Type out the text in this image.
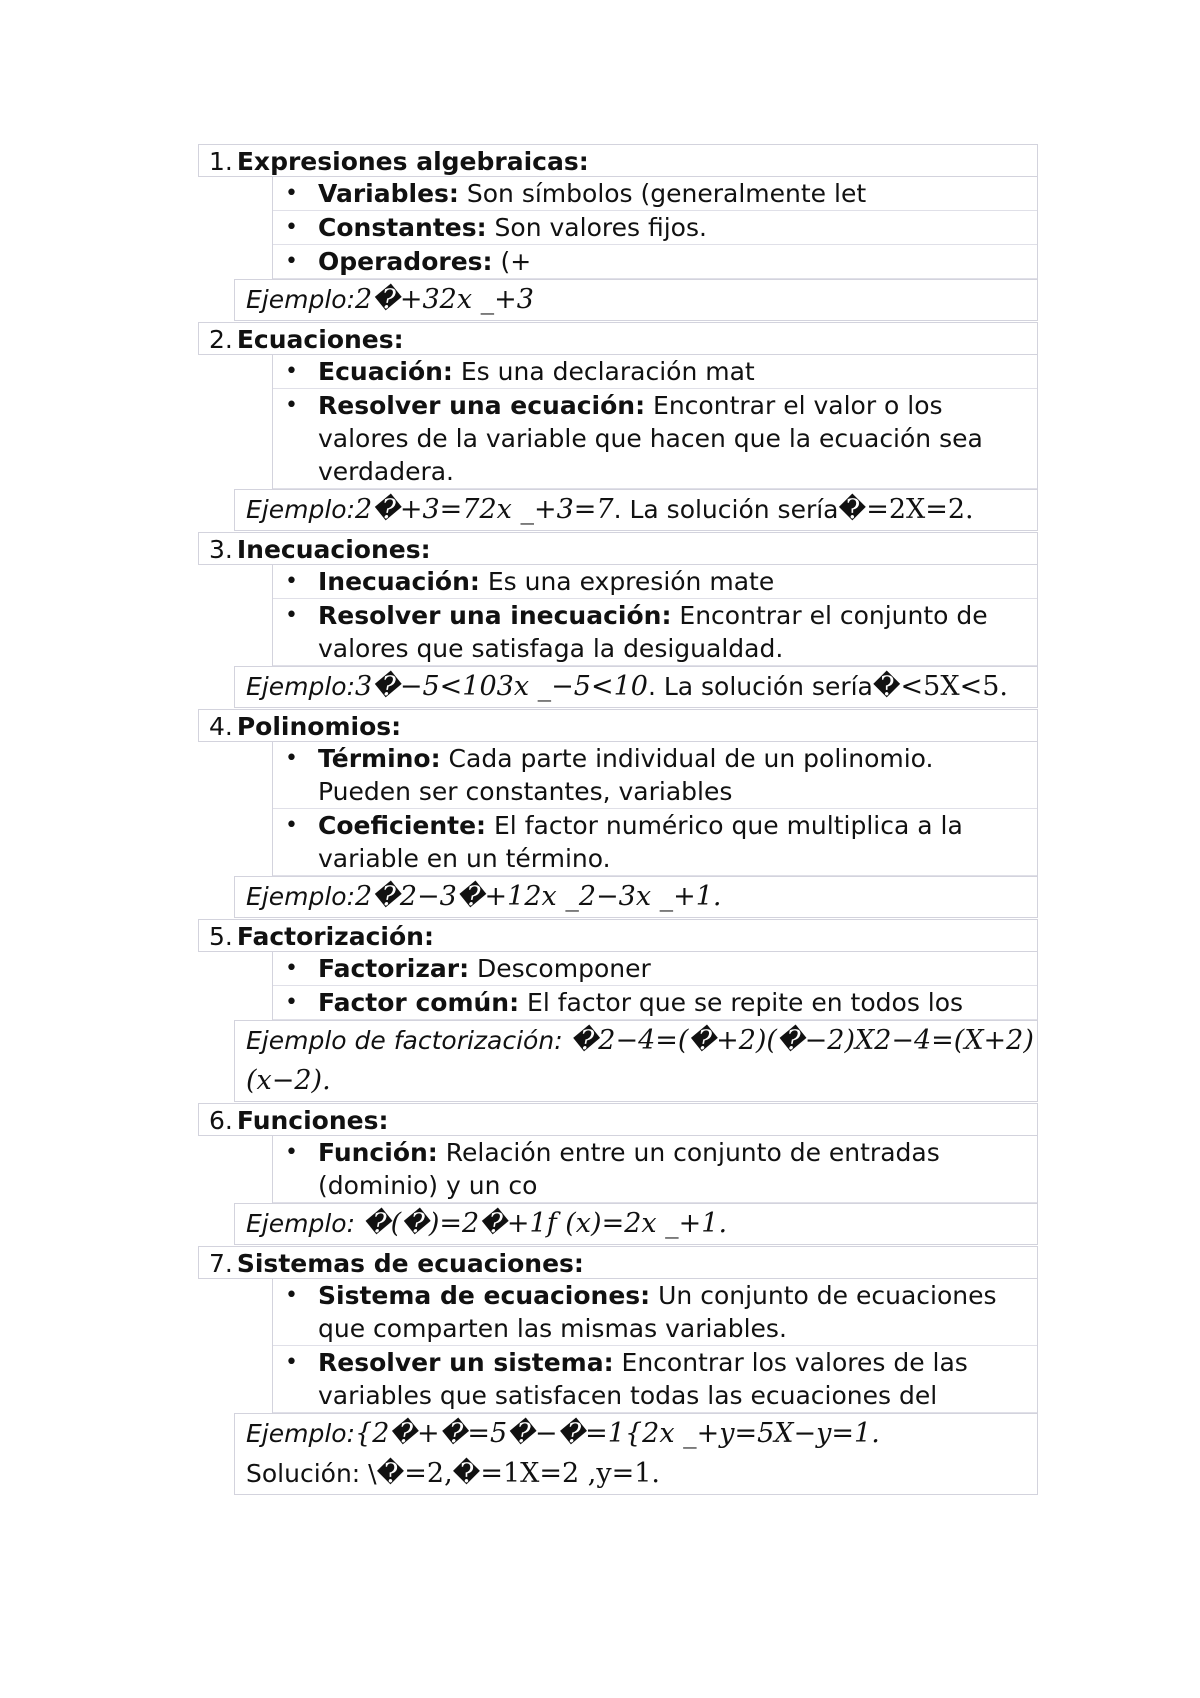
1. Expresiones algebraicas:
• Variables: Son símbolos (generalmente let
• Constantes: Son valores fijos.
• Operadores: (+
Ejemplo:2�+32x _+3
2. Ecuaciones:
• Ecuación: Es una declaración mat
• Resolver una ecuación: Encontrar el valor o los valores de la variable que hacen que la ecuación sea verdadera.
Ejemplo:2�+3=72x _+3=7. La solución sería�=2X=2.
3. Inecuaciones:
• Inecuación: Es una expresión mate
• Resolver una inecuación: Encontrar el conjunto de valores que satisfaga la desigualdad.
Ejemplo:3�−5<103x _−5<10. La solución sería�<5X<5.
4. Polinomios:
• Término: Cada parte individual de un polinomio. Pueden ser constantes, variables
• Coeficiente: El factor numérico que multiplica a la variable en un término.
Ejemplo:2�2−3�+12x _2−3x _+1.
5. Factorización:
• Factorizar: Descomponer
• Factor común: El factor que se repite en todos los
Ejemplo de factorización: �2−4=(�+2)(�−2)X2−4=(X+2)(x−2).
6. Funciones:
• Función: Relación entre un conjunto de entradas (dominio) y un co
Ejemplo: �(�)=2�+1f (x)=2x _+1.
7. Sistemas de ecuaciones:
• Sistema de ecuaciones: Un conjunto de ecuaciones que comparten las mismas variables.
• Resolver un sistema: Encontrar los valores de las variables que satisfacen todas las ecuaciones del
Ejemplo:{2�+�=5�−�=1{2x _+y=5X−y=1.
Solución: \�=2,�=1X=2 ,y=1.
